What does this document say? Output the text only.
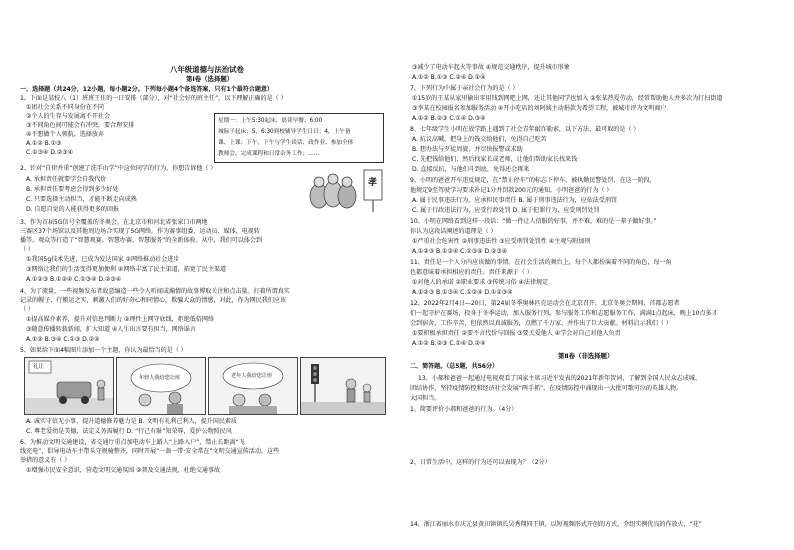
八年级道德与法治试卷
第Ⅰ卷（选择题）
一、选择题（共24分，12小题，每小题2分。下列每小题4个备选答案，只有1个最符合题意）
1、下面是某校八（1）班班王佳的一日安排（部分），对“社会好的班主任”，以下理解正确的是（ ）
①团社会关系不同身份在不同
②个人的生存与发展离不开社会
③不同角色间可能会有冲突，要合理安排
④不想做个人领航，选择放弃
A.①② B.①③
C.①③④ D.②③④
星期一：上午5:30起床，晨读早餐；6:00
城际子起床；5，6:30到校辅导学生日日；4，上午备
课、上课；下午，下午与学生谈话、政作业、参加全体
教师会、完成课程和日常杂务工作；……
2、针对“自律并重”创建了洗手山学”中这位同学的行为，你想告诉他（ ）
A. 承担责任就要学会自我代价
B. 承担责任要考虑会得到多少好处
C. 只要选择主动担当，才能不断走向成熟
D. 自愿自觉的人能获得更多的回报
孝
3、作为首届5G信号全覆盖的冬奥会，在北京市和河北省张家口市两地
三赛区37个场馆以及其他周边场合实现了5G网络。作为赛事组委、运动员、媒体、电视转
播等。观众等打造了“智慧观赛、智慧办赛、智慧服务”的全新体验。从中，我们可以体会到
（ ）
①我国5g技术先进，已成为发达国家 ②网络推动社会进步
③网络让我们的生活变得更加便利 ④网络丰富了民主渠道，拓宽了民主渠道
A.①②③ B.①②④ C.①③④ D.②③④
4、为了流量，一些视频发布者故意编造一些令人听闻或煽情的故事博取关注和点击量。打着所谓真实
记录的幌子，行搬运之实，刺激人们的好奇心和同情心，欺骗大众的情感，对此，作为网民我们应该
（ ）
①提高媒介素养，提升对信息判断力 ②理性上网守底线，拒绝低俗网络
③随意传播转载新闻，扩大知道 ④人生出言要有担当，网络谣言
A.①② B.③④ C.①③ D.②④
5、如果给下面4幅图片添加一个主题，你认为最恰当的是（ ）
礼让
年轻人我给您让座	老年人我给您让座
A. 诚实守信无小事，提升道德修养魅力是 B. 文明有礼利己利人，提升国民素质
C. 尊老爱幼是美德，法定义务需履行 D. “行己有耻”知荣辱，爱护公物照民风
6、为推动文明交通建设，省交通厅重点加电动车上路人“上路入户”，禁止长距离“飞
线充电”，倡导电动车主带头守规骑整齐，同时开展“一盔一带·安全常在”文明交通宣传活动。这些
举措的意义有（ ）
①增强市民安全意识，营造文明交通氛围 ②普及交通法规，杜绝交通事故
③减少了电动车起火等事故 ④规范交通秩序，提升城市形象
A.①② B.①③ C.②④ D.①④
7、下列行为中属于亲社会行为的是（ ）
①15岁的王某从家里偷出零用钱到网吧上网，还让其他同学也加入 ②张某热爱劳动，经常帮助他人并多次为打扫街道
③李某在校园报名参加服务活动 ④开小吃店的刘阿姨主动捐款为希望工程，被城市评为文明商户
A.①② B.②③ C.①④ D.③④
8、七年级学生小明在放学路上遇到了社会青年敲诈勒索，以下方法，最可取的是（ ）
A. 抗议高喊，把身上的钱交给他们，免得自己吃苦
B. 想办法与歹徒周旋，并尽快报警或求助
C. 先把钱给他们，然后找家长或老师，让他们帮助家长找来钱
D. 直接反抗，与他们斗到底，免得还会再来
9、小明的爸爸开车违反规定，在“禁止停车”的标志下停车，被执勤民警处罚，在这一阶段，
他规定9至驾驶学习要求补记1分并罚款200元的通知。小明爸爸的行为（ ）
A. 属于民事违法行为，应承担民事责任 B. 属于刑事违法行为，应依法受刑罚
C. 属于行政违法行为，应受行政处罚 D. 属于犯罪行为，应受刑罚处罚
10、小明在网络看到这样一段话：“做一件让人信服的好事，并不难，难的是一辈子做好事。”
你认为这段话阐述的道理是（ ）
①严重社会危害性 ②刑事违法性 ③应受刑罚处罚性 ④主观与附加刑
A.①②③ B.①②④ C.①③④ D.②③④
11、责任是一个人分内应该做的事情。在社会生活的舞台上，每个人都扮演着不同的角色，每一角
色都意味着承担相应的责任。责任来源于（ ）
①对他人的承诺 ②职业要求 ③传统习俗 ④法律规定
A.①②③ B.①③④ C.①②④ D.①②③④
12、2022年2月4日—20日，第24届冬季奥林匹克运动会在北京召开，北京冬奥会期间，首都志愿者
们一起守护在赛场，投身于冬季运动，加入服务行列，参与服务工作和志愿服务工作，满满1点起床，晚上10点多才
会到宿舍，工作辛苦，但依然以真诚服务，点燃了千万家，并作出了巨大贡献。材料启示我们（ ）
①要积极承担责任 ②要不言代价与回报 ③要关爱他人 ④学会对自己对他人负责
A.①② B.②③ C.①④ D.②④
第Ⅱ卷（非选择题）
二、简答题。（总5题，共56分）
13、小郝和爸爸一起通过电视观看了国家主席习近平发表的2021年新年贺词，了解到全国人民众志成城、
团结协作，坚持疫情防控和经济社会发展“两手抓”，在疫情防控中涌现出一大批可歌可泣的英雄人物。
大国担当。
1、简要评价小郝和爸爸的行为。（4分）
2、日常生活中，这样的行为还可以表现为？（2分）
14、浙江省丽水市庆元县黄田镇镇长吴秀翔同王镇，以短视频形式开创的方式，介绍实例优良的作放火，“花”
